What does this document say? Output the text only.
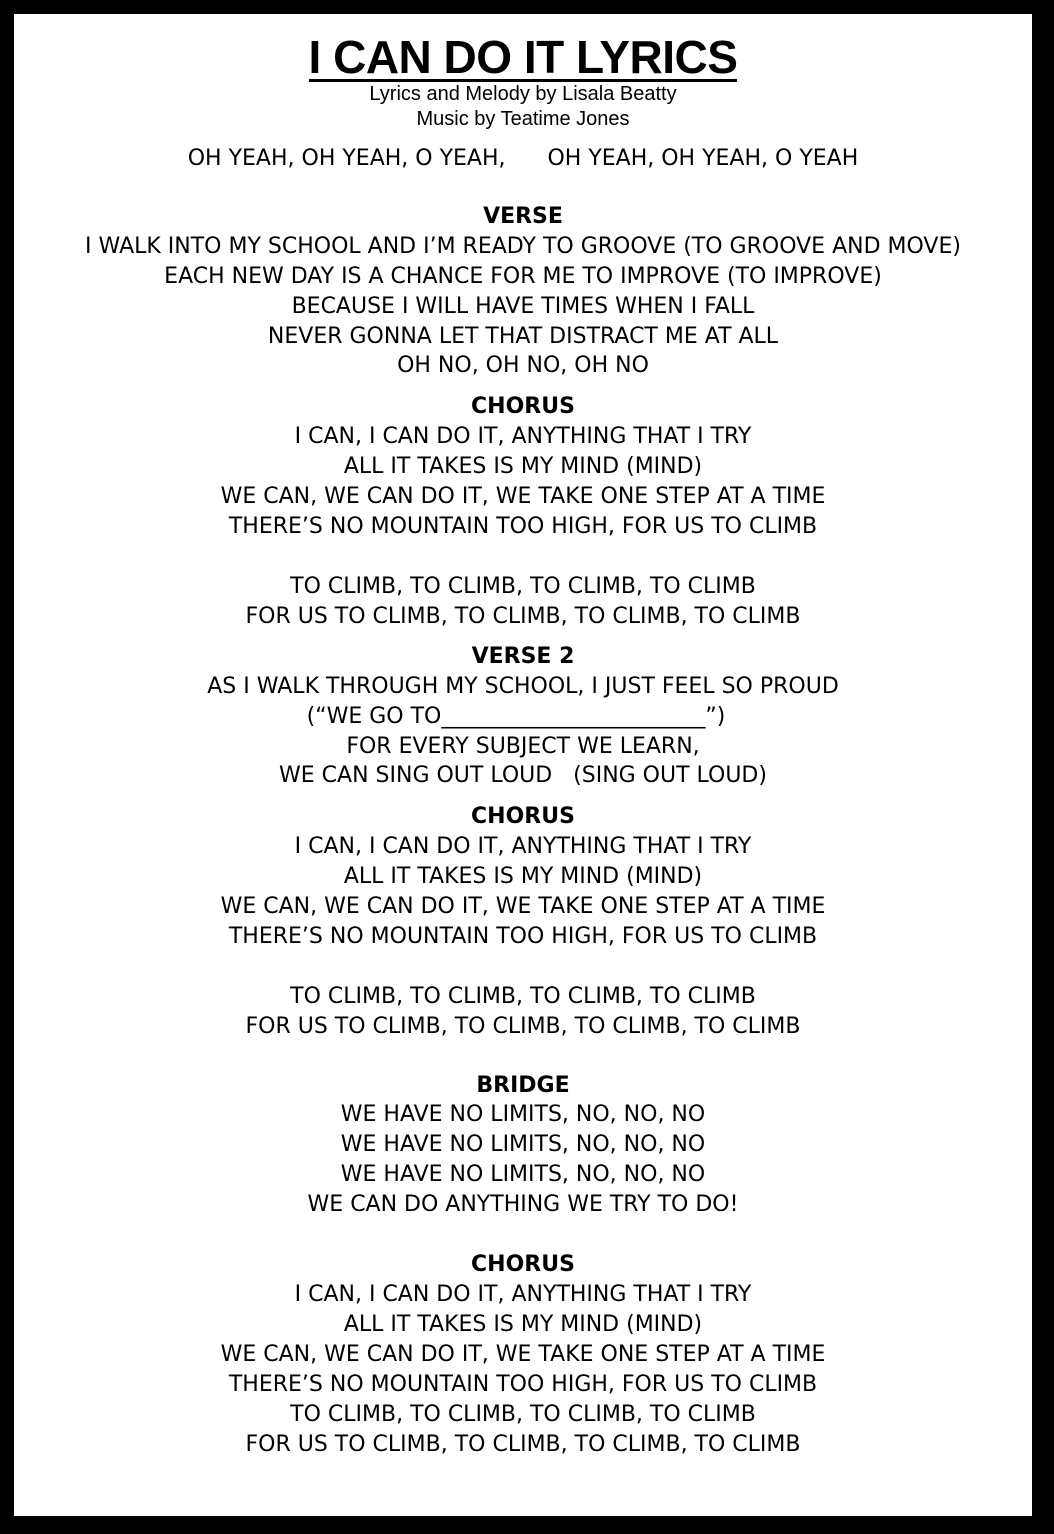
I CAN DO IT LYRICS

Lyrics and Melody by Lisala Beatty

Music by Teatime Jones

OH YEAH, OH YEAH, O YEAH,      OH YEAH, OH YEAH, O YEAH

VERSE

I WALK INTO MY SCHOOL AND I’M READY TO GROOVE (TO GROOVE AND MOVE)

EACH NEW DAY IS A CHANCE FOR ME TO IMPROVE (TO IMPROVE)

BECAUSE I WILL HAVE TIMES WHEN I FALL

NEVER GONNA LET THAT DISTRACT ME AT ALL

OH NO, OH NO, OH NO

CHORUS

I CAN, I CAN DO IT, ANYTHING THAT I TRY

ALL IT TAKES IS MY MIND (MIND)

WE CAN, WE CAN DO IT, WE TAKE ONE STEP AT A TIME

THERE’S NO MOUNTAIN TOO HIGH, FOR US TO CLIMB

TO CLIMB, TO CLIMB, TO CLIMB, TO CLIMB

FOR US TO CLIMB, TO CLIMB, TO CLIMB, TO CLIMB

VERSE 2

AS I WALK THROUGH MY SCHOOL, I JUST FEEL SO PROUD

(“WE GO TO________________________”)

FOR EVERY SUBJECT WE LEARN,

WE CAN SING OUT LOUD   (SING OUT LOUD)

CHORUS

I CAN, I CAN DO IT, ANYTHING THAT I TRY

ALL IT TAKES IS MY MIND (MIND)

WE CAN, WE CAN DO IT, WE TAKE ONE STEP AT A TIME

THERE’S NO MOUNTAIN TOO HIGH, FOR US TO CLIMB

TO CLIMB, TO CLIMB, TO CLIMB, TO CLIMB

FOR US TO CLIMB, TO CLIMB, TO CLIMB, TO CLIMB

BRIDGE

WE HAVE NO LIMITS, NO, NO, NO

WE HAVE NO LIMITS, NO, NO, NO

WE HAVE NO LIMITS, NO, NO, NO

WE CAN DO ANYTHING WE TRY TO DO!

CHORUS

I CAN, I CAN DO IT, ANYTHING THAT I TRY

ALL IT TAKES IS MY MIND (MIND)

WE CAN, WE CAN DO IT, WE TAKE ONE STEP AT A TIME

THERE’S NO MOUNTAIN TOO HIGH, FOR US TO CLIMB

TO CLIMB, TO CLIMB, TO CLIMB, TO CLIMB

FOR US TO CLIMB, TO CLIMB, TO CLIMB, TO CLIMB
